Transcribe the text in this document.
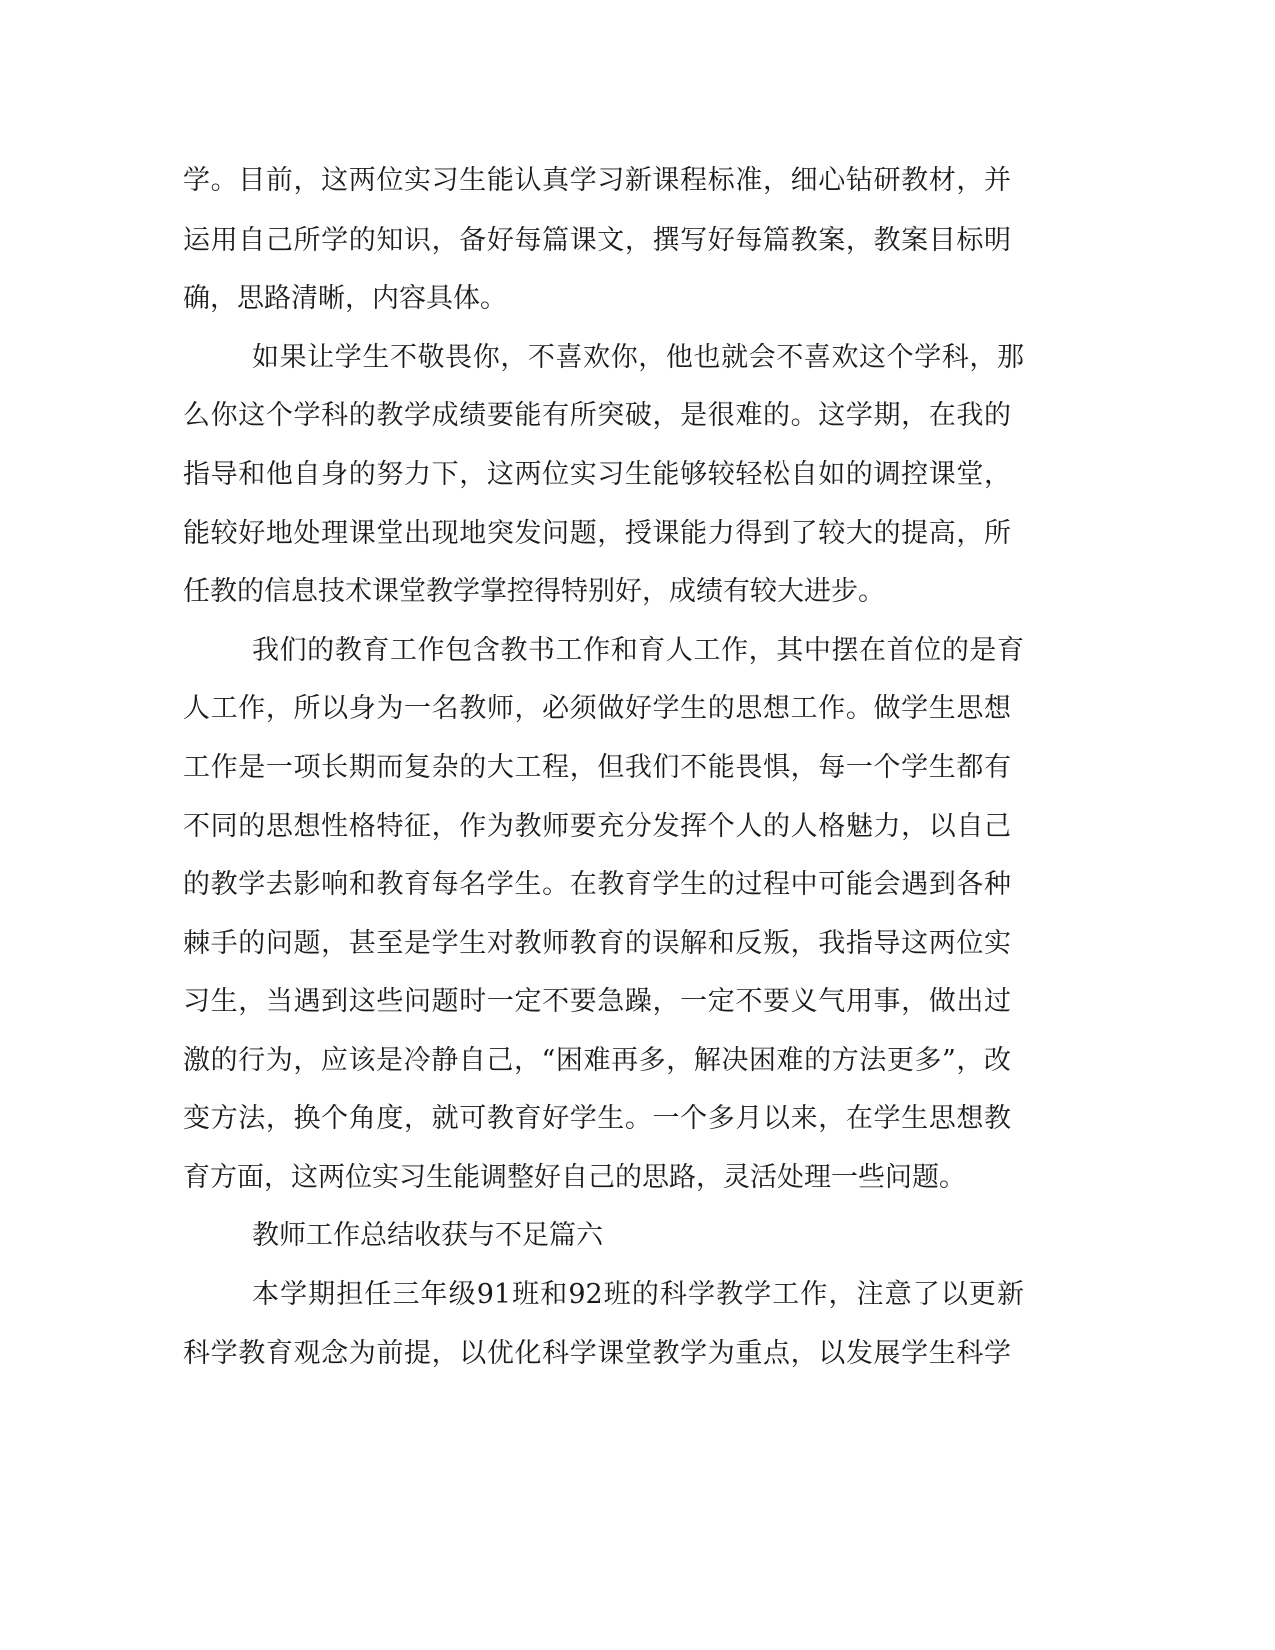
学。目前，这两位实习生能认真学习新课程标准，细心钻研教材，并

运用自己所学的知识，备好每篇课文，撰写好每篇教案，教案目标明

确，思路清晰，内容具体。

如果让学生不敬畏你，不喜欢你，他也就会不喜欢这个学科，那

么你这个学科的教学成绩要能有所突破，是很难的。这学期，在我的

指导和他自身的努力下，这两位实习生能够较轻松自如的调控课堂，

能较好地处理课堂出现地突发问题，授课能力得到了较大的提高，所

任教的信息技术课堂教学掌控得特别好，成绩有较大进步。

我们的教育工作包含教书工作和育人工作，其中摆在首位的是育

人工作，所以身为一名教师，必须做好学生的思想工作。做学生思想

工作是一项长期而复杂的大工程，但我们不能畏惧，每一个学生都有

不同的思想性格特征，作为教师要充分发挥个人的人格魅力，以自己

的教学去影响和教育每名学生。在教育学生的过程中可能会遇到各种

棘手的问题，甚至是学生对教师教育的误解和反叛，我指导这两位实

习生，当遇到这些问题时一定不要急躁，一定不要义气用事，做出过

激的行为，应该是冷静自己，“困难再多，解决困难的方法更多”，改

变方法，换个角度，就可教育好学生。一个多月以来，在学生思想教

育方面，这两位实习生能调整好自己的思路，灵活处理一些问题。

教师工作总结收获与不足篇六

本学期担任三年级91班和92班的科学教学工作，注意了以更新

科学教育观念为前提，以优化科学课堂教学为重点，以发展学生科学
